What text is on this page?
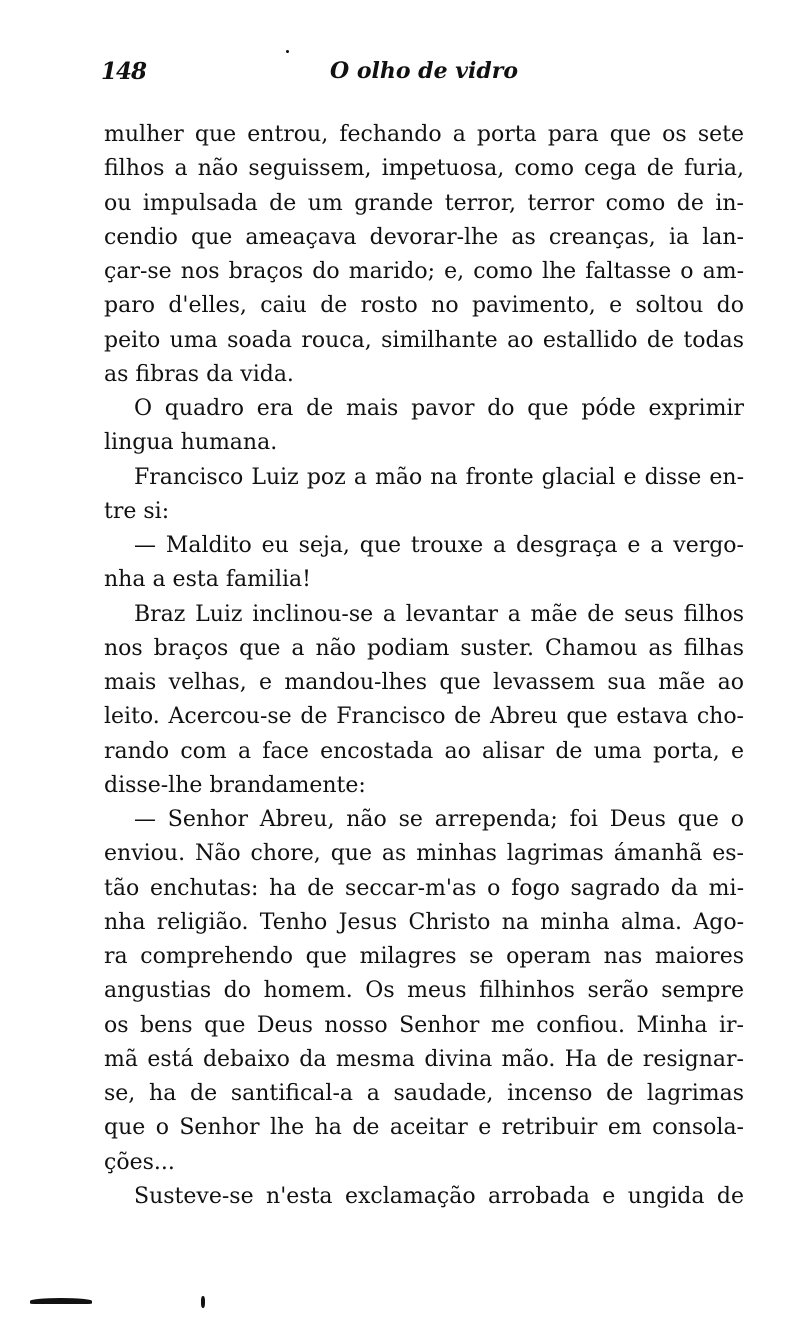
148	O olho de vidro
mulher que entrou, fechando a porta para que os sete
filhos a não seguissem, impetuosa, como cega de furia,
ou impulsada de um grande terror, terror como de in-
cendio que ameaçava devorar-lhe as creanças, ia lan-
çar-se nos braços do marido; e, como lhe faltasse o am-
paro d'elles, caiu de rosto no pavimento, e soltou do
peito uma soada rouca, similhante ao estallido de todas
as fibras da vida.
O quadro era de mais pavor do que póde exprimir
lingua humana.
Francisco Luiz poz a mão na fronte glacial e disse en-
tre si:
— Maldito eu seja, que trouxe a desgraça e a vergo-
nha a esta familia!
Braz Luiz inclinou-se a levantar a mãe de seus filhos
nos braços que a não podiam suster. Chamou as filhas
mais velhas, e mandou-lhes que levassem sua mãe ao
leito. Acercou-se de Francisco de Abreu que estava cho-
rando com a face encostada ao alisar de uma porta, e
disse-lhe brandamente:
— Senhor Abreu, não se arrependa; foi Deus que o
enviou. Não chore, que as minhas lagrimas ámanhã es-
tão enchutas: ha de seccar-m'as o fogo sagrado da mi-
nha religião. Tenho Jesus Christo na minha alma. Ago-
ra comprehendo que milagres se operam nas maiores
angustias do homem. Os meus filhinhos serão sempre
os bens que Deus nosso Senhor me confiou. Minha ir-
mã está debaixo da mesma divina mão. Ha de resignar-
se, ha de santifical-a a saudade, incenso de lagrimas
que o Senhor lhe ha de aceitar e retribuir em consola-
ções...
Susteve-se n'esta exclamação arrobada e ungida de
